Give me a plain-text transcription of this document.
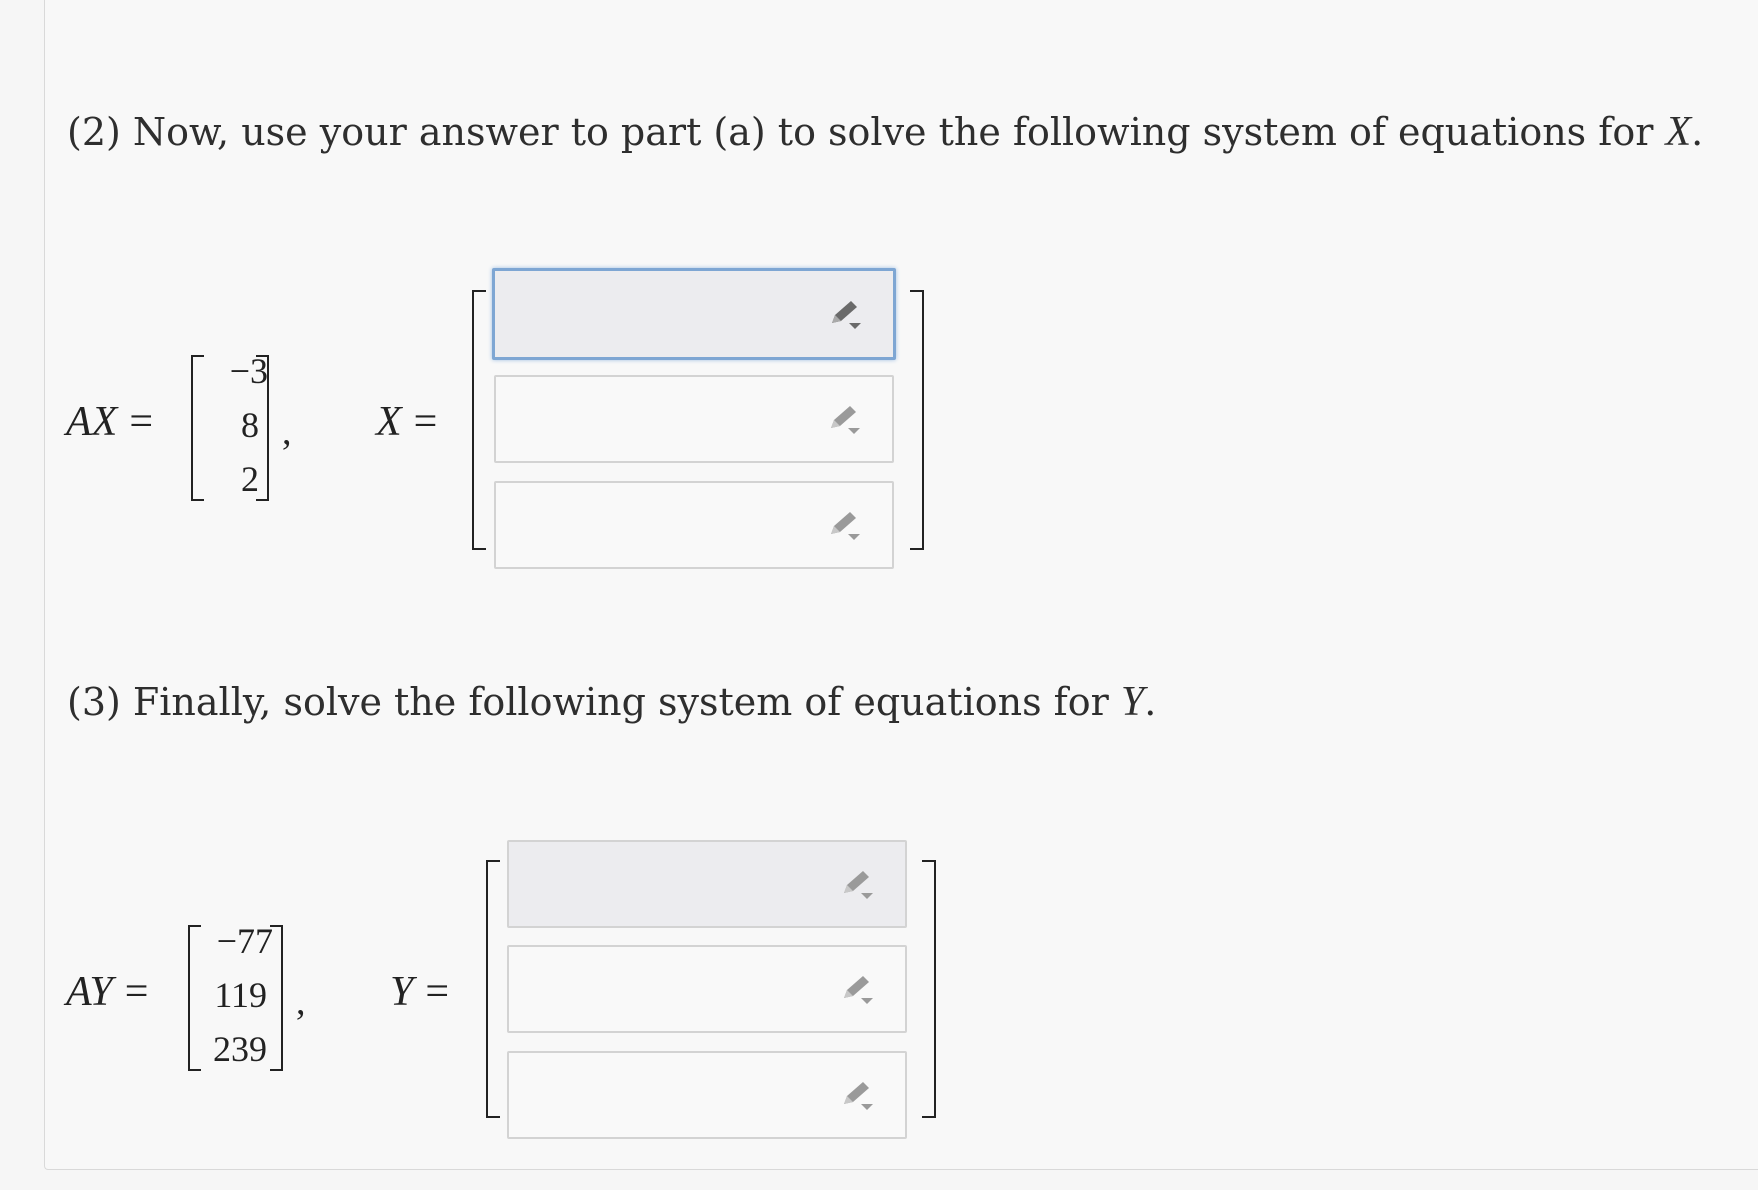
(2) Now, use your answer to part (a) to solve the following system of equations for X.
AX =
−3
8
2
, X =
(3) Finally, solve the following system of equations for Y.
AY =
−77
119
239
, Y =
